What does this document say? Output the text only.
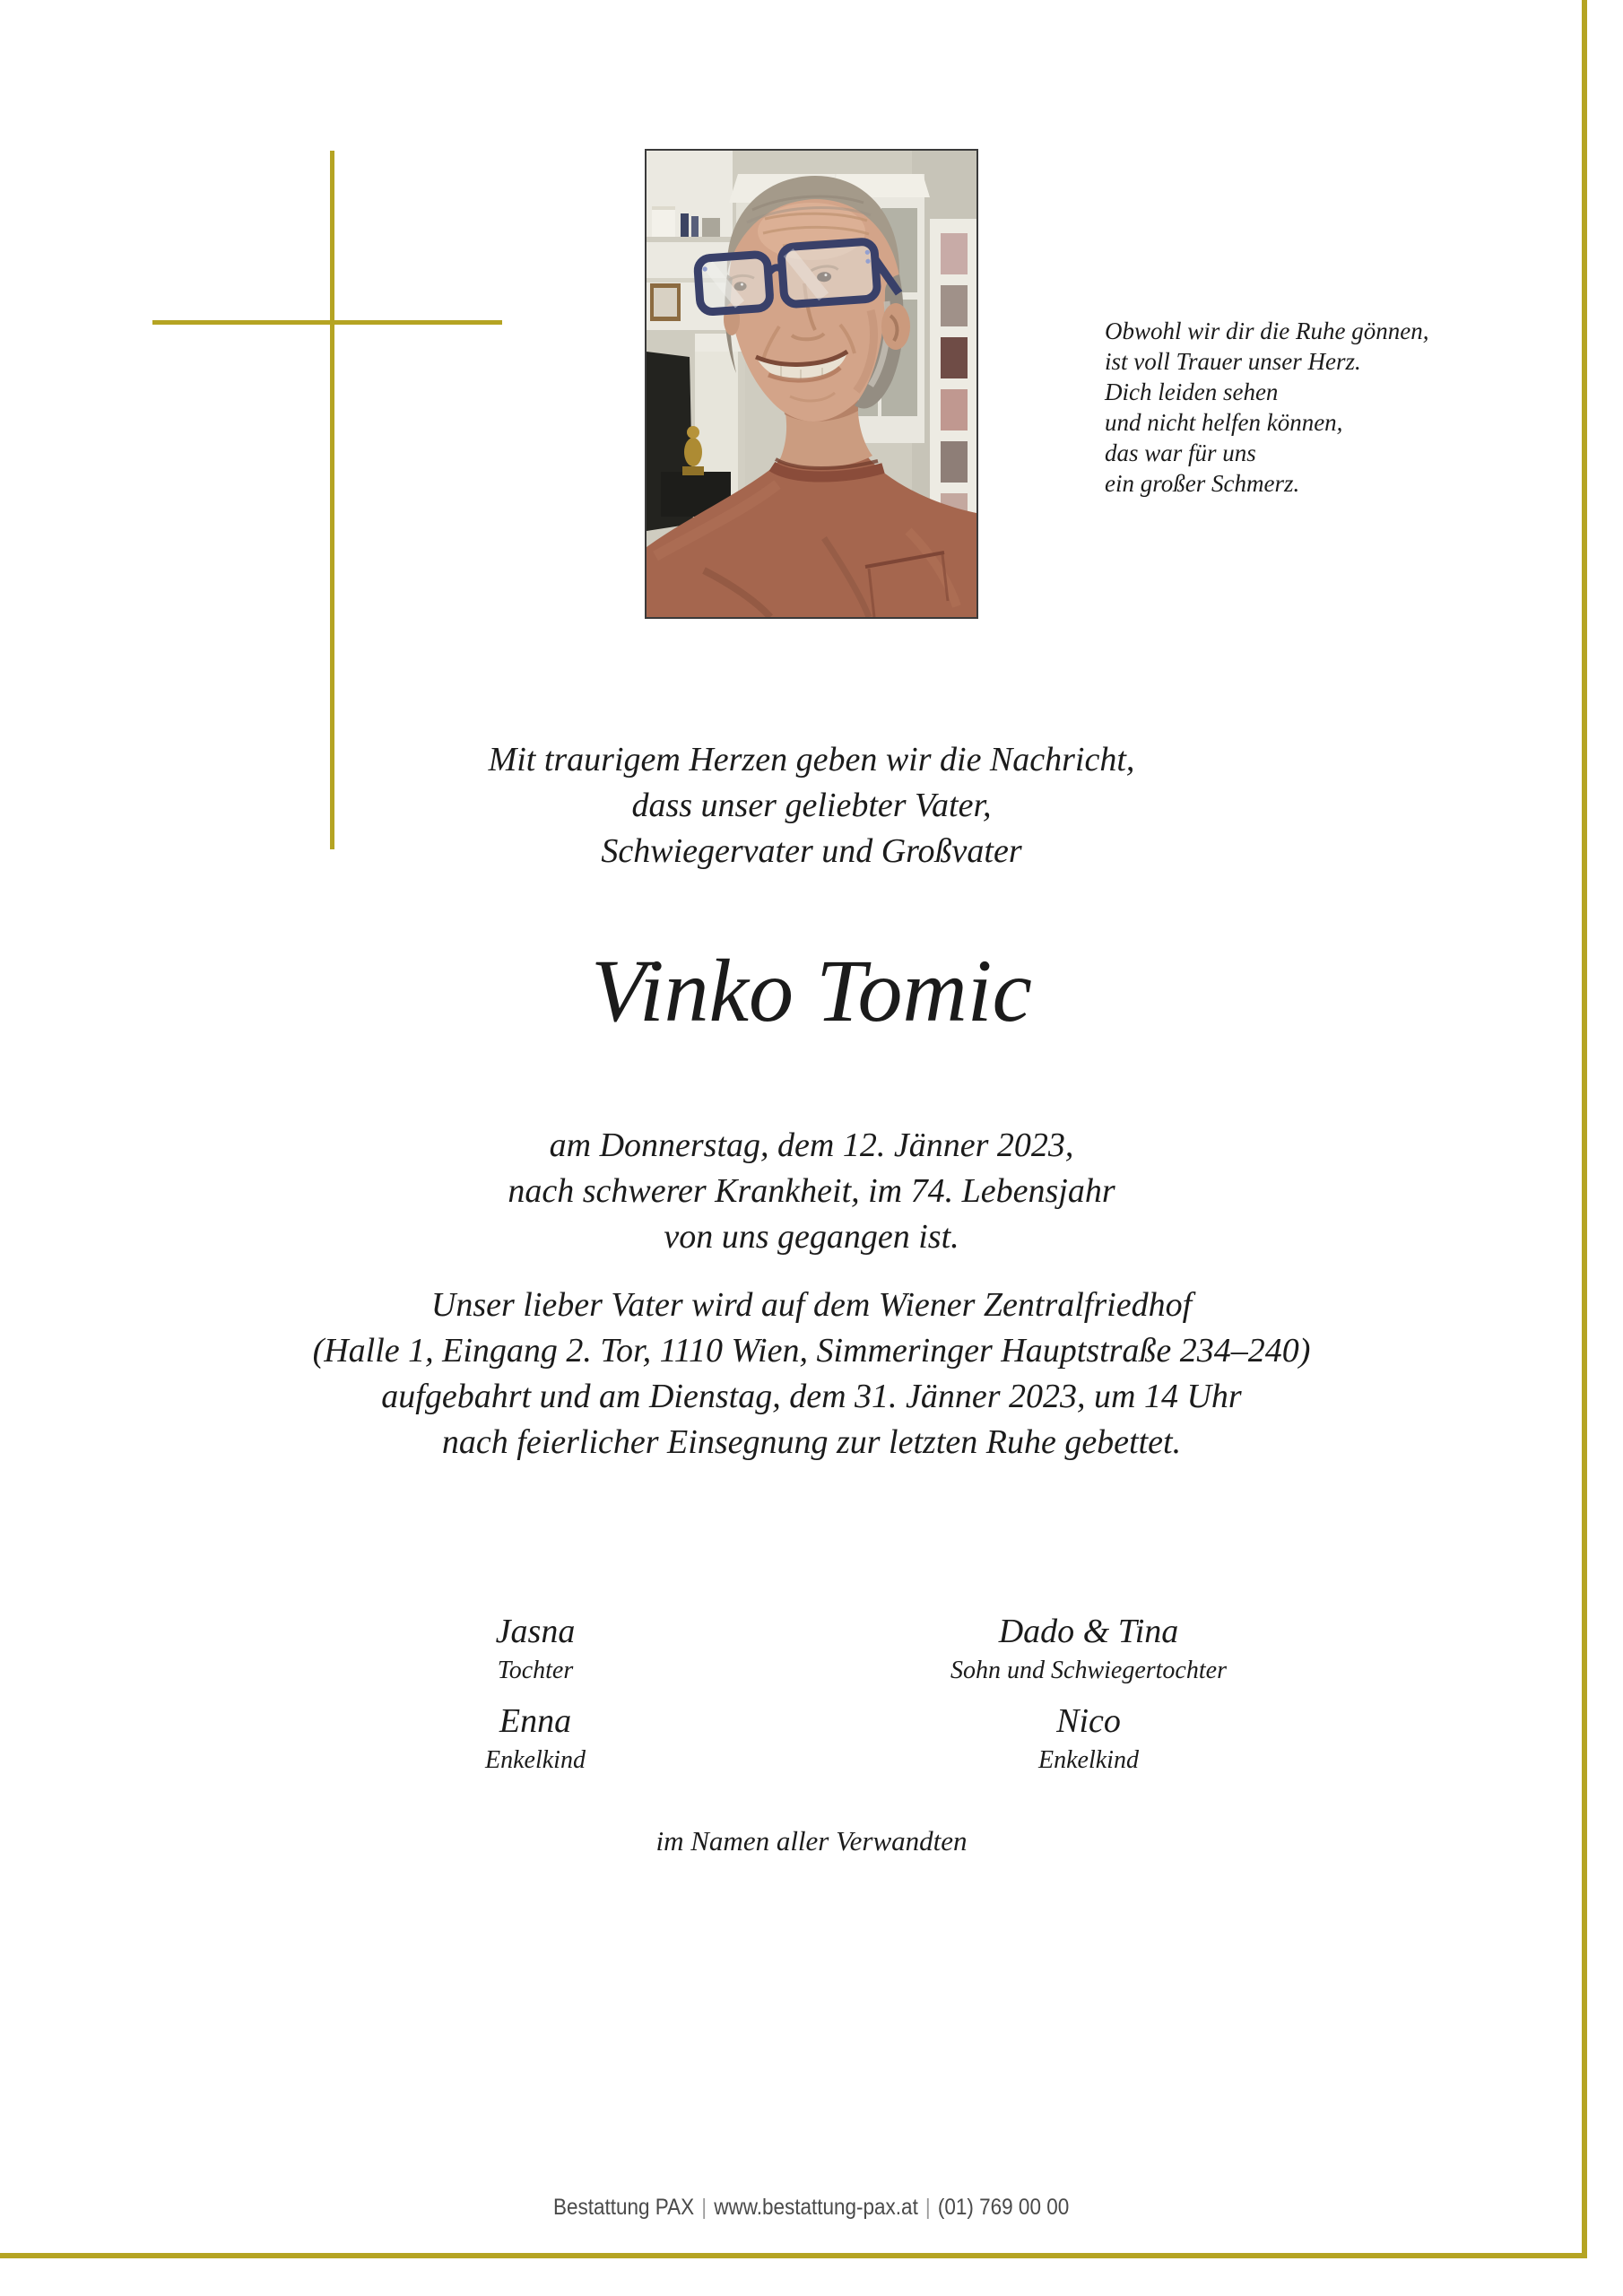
Obwohl wir dir die Ruhe gönnen,

ist voll Trauer unser Herz.

Dich leiden sehen

und nicht helfen können,

das war für uns

ein großer Schmerz.

Mit traurigem Herzen geben wir die Nachricht,

dass unser geliebter Vater,

Schwiegervater und Großvater

Vinko Tomic

am Donnerstag, dem 12. Jänner 2023,

nach schwerer Krankheit, im 74. Lebensjahr

von uns gegangen ist.

Unser lieber Vater wird auf dem Wiener Zentralfriedhof

(Halle 1, Eingang 2. Tor, 1110 Wien, Simmeringer Hauptstraße 234–240)

aufgebahrt und am Dienstag, dem 31. Jänner 2023, um 14 Uhr

nach feierlicher Einsegnung zur letzten Ruhe gebettet.

Jasna
Tochter
Enna
Enkelkind
Dado & Tina
Sohn und Schwiegertochter
Nico
Enkelkind
im Namen aller Verwandten
Bestattung PAX | www.bestattung-pax.at | (01) 769 00 00
